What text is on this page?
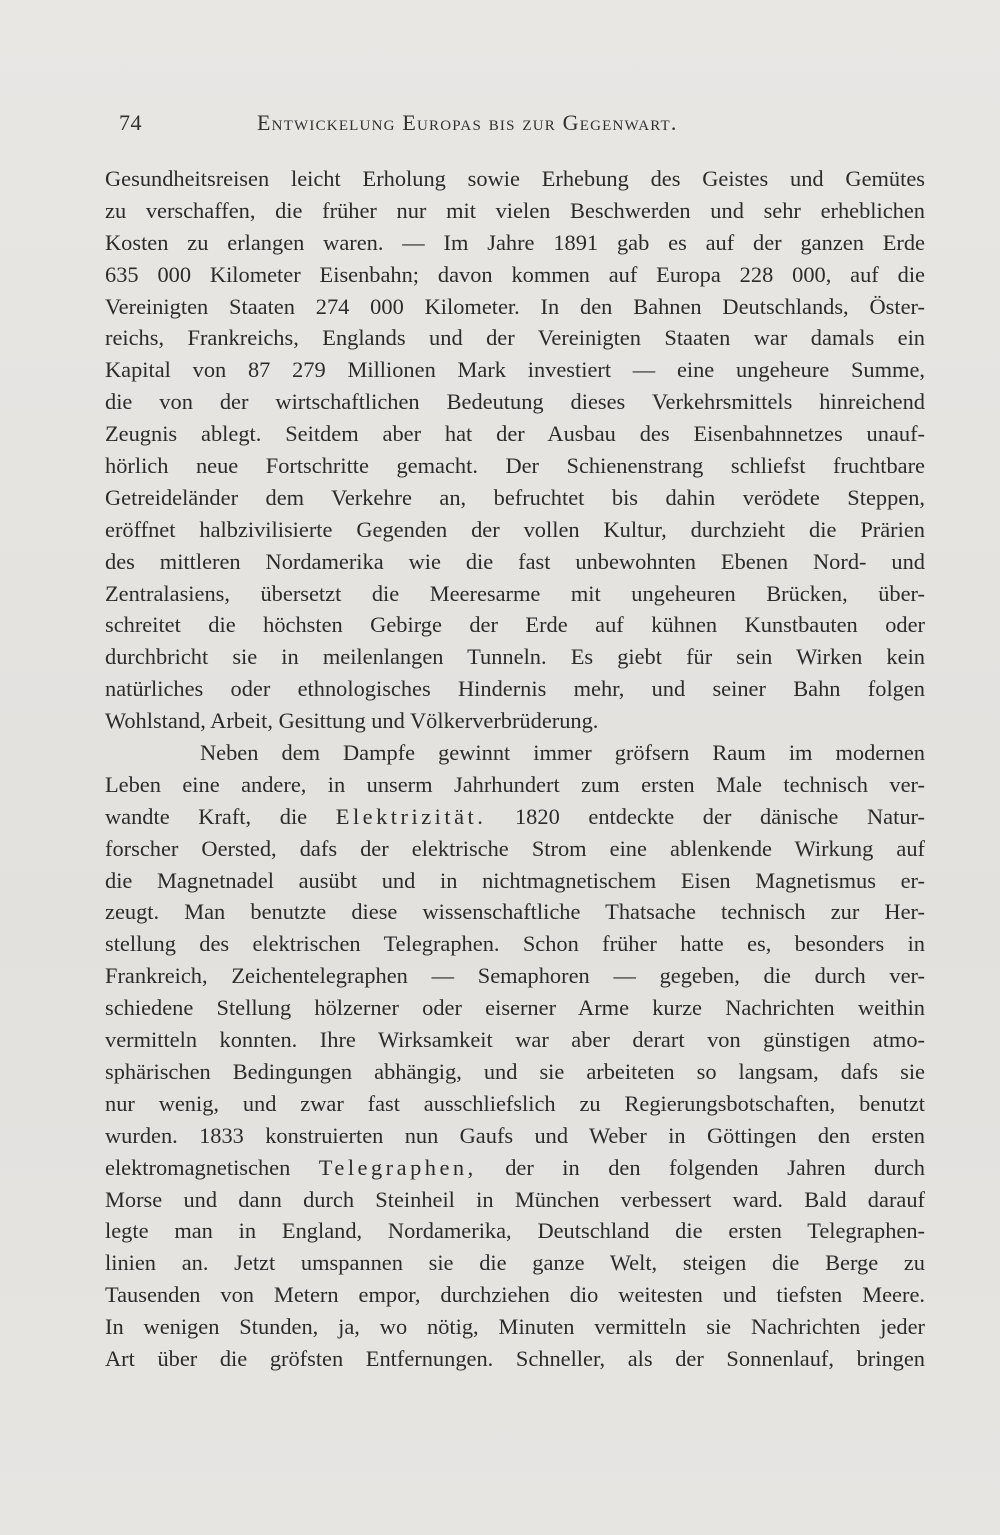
74	Entwickelung Europas bis zur Gegenwart.
Gesundheitsreisen leicht Erholung sowie Erhebung des Geistes und Gemütes
zu verschaffen, die früher nur mit vielen Beschwerden und sehr erheblichen
Kosten zu erlangen waren. — Im Jahre 1891 gab es auf der ganzen Erde
635 000 Kilometer Eisenbahn; davon kommen auf Europa 228 000, auf die
Vereinigten Staaten 274 000 Kilometer. In den Bahnen Deutschlands, Öster-
reichs, Frankreichs, Englands und der Vereinigten Staaten war damals ein
Kapital von 87 279 Millionen Mark investiert — eine ungeheure Summe,
die von der wirtschaftlichen Bedeutung dieses Verkehrsmittels hinreichend
Zeugnis ablegt. Seitdem aber hat der Ausbau des Eisenbahnnetzes unauf-
hörlich neue Fortschritte gemacht. Der Schienenstrang schliefst fruchtbare
Getreideländer dem Verkehre an, befruchtet bis dahin verödete Steppen,
eröffnet halbzivilisierte Gegenden der vollen Kultur, durchzieht die Prärien
des mittleren Nordamerika wie die fast unbewohnten Ebenen Nord- und
Zentralasiens, übersetzt die Meeresarme mit ungeheuren Brücken, über-
schreitet die höchsten Gebirge der Erde auf kühnen Kunstbauten oder
durchbricht sie in meilenlangen Tunneln. Es giebt für sein Wirken kein
natürliches oder ethnologisches Hindernis mehr, und seiner Bahn folgen
Wohlstand, Arbeit, Gesittung und Völkerverbrüderung.
Neben dem Dampfe gewinnt immer gröfsern Raum im modernen
Leben eine andere, in unserm Jahrhundert zum ersten Male technisch ver-
wandte Kraft, die Elektrizität. 1820 entdeckte der dänische Natur-
forscher Oersted, dafs der elektrische Strom eine ablenkende Wirkung auf
die Magnetnadel ausübt und in nichtmagnetischem Eisen Magnetismus er-
zeugt. Man benutzte diese wissenschaftliche Thatsache technisch zur Her-
stellung des elektrischen Telegraphen. Schon früher hatte es, besonders in
Frankreich, Zeichentelegraphen — Semaphoren — gegeben, die durch ver-
schiedene Stellung hölzerner oder eiserner Arme kurze Nachrichten weithin
vermitteln konnten. Ihre Wirksamkeit war aber derart von günstigen atmo-
sphärischen Bedingungen abhängig, und sie arbeiteten so langsam, dafs sie
nur wenig, und zwar fast ausschliefslich zu Regierungsbotschaften, benutzt
wurden. 1833 konstruierten nun Gaufs und Weber in Göttingen den ersten
elektromagnetischen Telegraphen, der in den folgenden Jahren durch
Morse und dann durch Steinheil in München verbessert ward. Bald darauf
legte man in England, Nordamerika, Deutschland die ersten Telegraphen-
linien an. Jetzt umspannen sie die ganze Welt, steigen die Berge zu
Tausenden von Metern empor, durchziehen dio weitesten und tiefsten Meere.
In wenigen Stunden, ja, wo nötig, Minuten vermitteln sie Nachrichten jeder
Art über die gröfsten Entfernungen. Schneller, als der Sonnenlauf, bringen
